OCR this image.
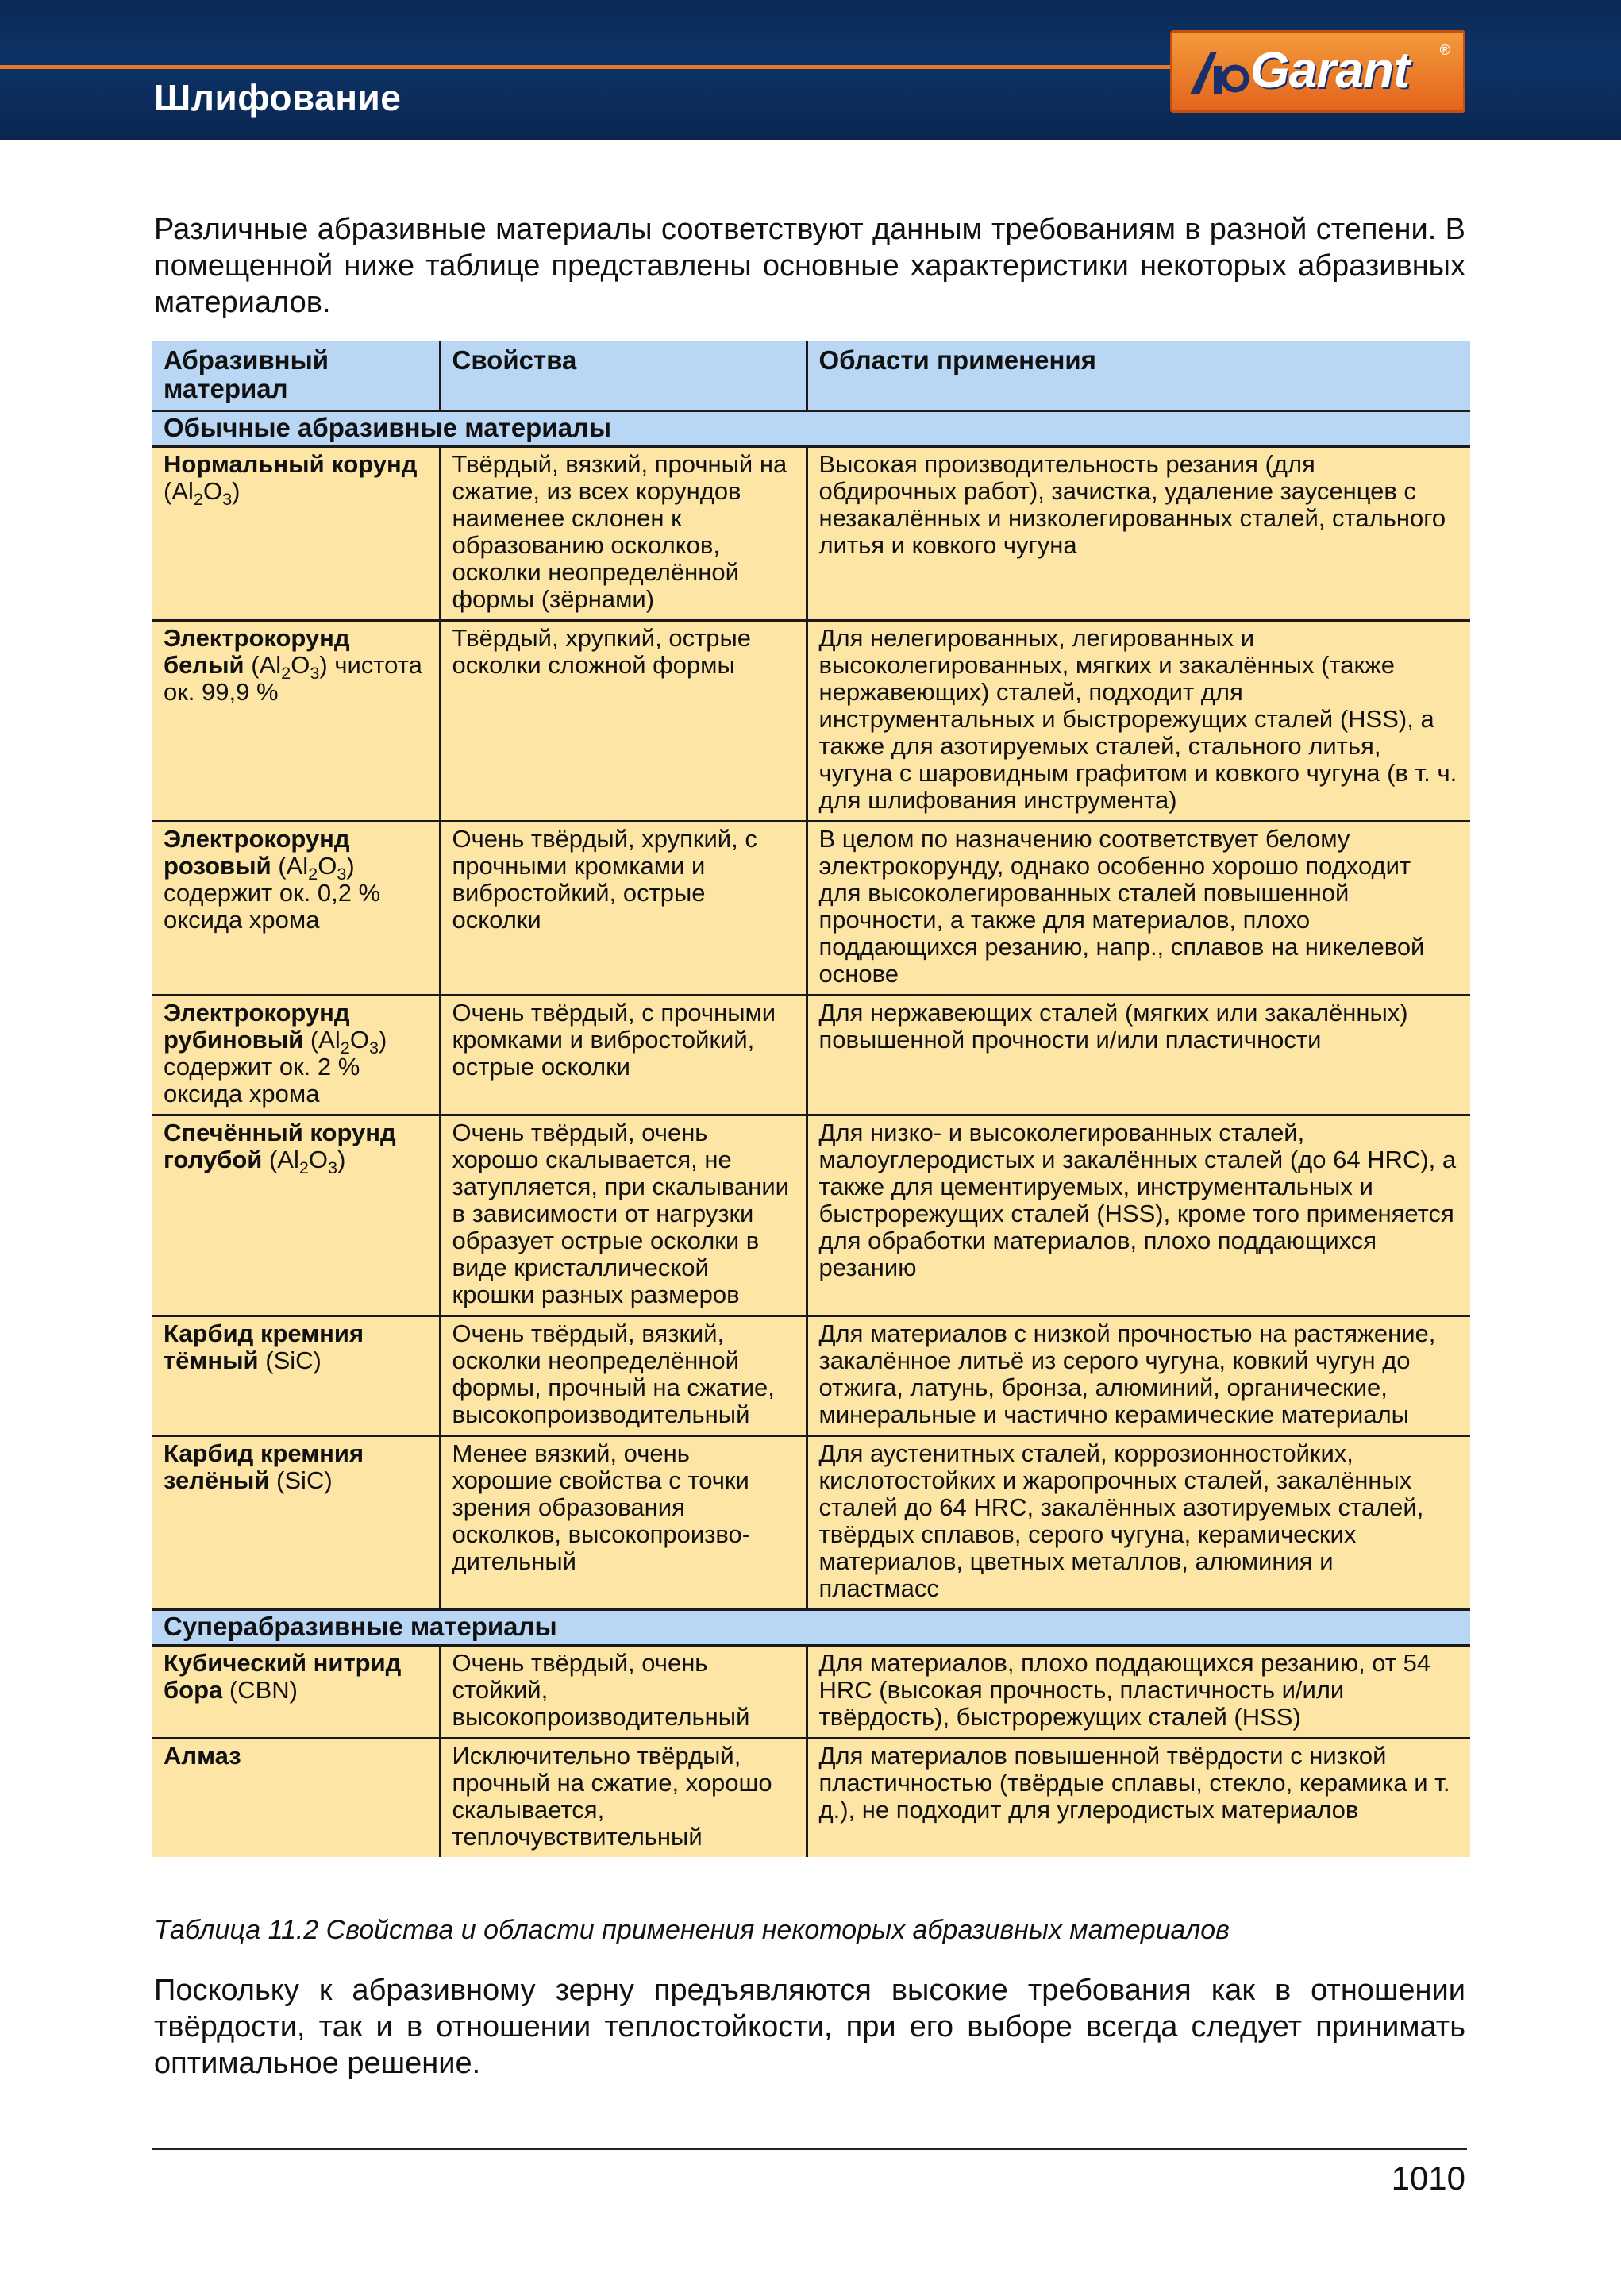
Шлифование	Garant ®
Различные абразивные материалы соответствуют данным требованиям в разной степени. В помещенной ниже таблице представлены основные характеристики некоторых абразивных материалов.
Абразивный материал	Свойства	Области применения
Обычные абразивные материалы		
Нормальный корунд $(Al_2O_3)$	Твёрдый, вязкий, прочный на сжатие, из всех корундов наименее склонен к образованию осколков, осколки неопределённой формы (зёрнами)	Высокая производительность резания (для обдирочных работ), зачистка, удаление заусенцев с незакалённых и низколегированных сталей, стального литья и ковкого чугуна
Электрокорунд белый $(Al_2O_3)$ чистота ок. 99,9 %	Твёрдый, хрупкий, острые осколки сложной формы	Для нелегированных, легированных и высоколегированных, мягких и закалённых (также нержавеющих) сталей, подходит для инструментальных и быстрорежущих сталей (HSS), а также для азотируемых сталей, стального литья, чугуна с шаровидным графитом и ковкого чугуна (в т. ч. для шлифования инструмента)
Электрокорунд розовый $(Al_2O_3)$ содержит ок. 0,2 % оксида хрома	Очень твёрдый, хрупкий, с прочными кромками и вибростойкий, острые осколки	В целом по назначению соответствует белому электрокорунду, однако особенно хорошо подходит для высоколегированных сталей повышенной прочности, а также для материалов, плохо поддающихся резанию, напр., сплавов на никелевой основе
Электрокорунд рубиновый $(Al_2O_3)$ содержит ок. 2 % оксида хрома	Очень твёрдый, с прочными кромками и вибростойкий, острые осколки	Для нержавеющих сталей (мягких или закалённых) повышенной прочности и/или пластичности
Спечённый корунд голубой $(Al_2O_3)$	Очень твёрдый, очень хорошо скалывается, не затупляется, при скалывании в зависимости от нагрузки образует острые осколки в виде кристаллической крошки разных размеров	Для низко- и высоколегированных сталей, малоуглеродистых и закалённых сталей (до 64 HRC), а также для цементируемых, инструментальных и быстрорежущих сталей (HSS), кроме того применяется для обработки материалов, плохо поддающихся резанию
Карбид кремния тёмный (SiC)	Очень твёрдый, вязкий, осколки неопределённой формы, прочный на сжатие, высокопроизводительный	Для материалов с низкой прочностью на растяжение, закалённое литьё из серого чугуна, ковкий чугун до отжига, латунь, бронза, алюминий, органические, минеральные и частично керамические материалы
Карбид кремния зелёный (SiC)	Менее вязкий, очень хорошие свойства с точки зрения образования осколков, высокопроизво-дительный	Для аустенитных сталей, коррозионностойких, кислотостойких и жаропрочных сталей, закалённых сталей до 64 HRC, закалённых азотируемых сталей, твёрдых сплавов, серого чугуна, керамических материалов, цветных металлов, алюминия и пластмасс
Суперабразивные материалы		
Кубический нитрид бора (CBN)	Очень твёрдый, очень стойкий, высокопроизводительный	Для материалов, плохо поддающихся резанию, от 54 HRC (высокая прочность, пластичность и/или твёрдость), быстрорежущих сталей (HSS)
Алмаз	Исключительно твёрдый, прочный на сжатие, хорошо скалывается, теплочувствительный	Для материалов повышенной твёрдости с низкой пластичностью (твёрдые сплавы, стекло, керамика и т. д.), не подходит для углеродистых материалов
Таблица 11.2 Свойства и области применения некоторых абразивных материалов
Поскольку к абразивному зерну предъявляются высокие требования как в отношении твёрдости, так и в отношении теплостойкости, при его выборе всегда следует принимать оптимальное решение.
1010
